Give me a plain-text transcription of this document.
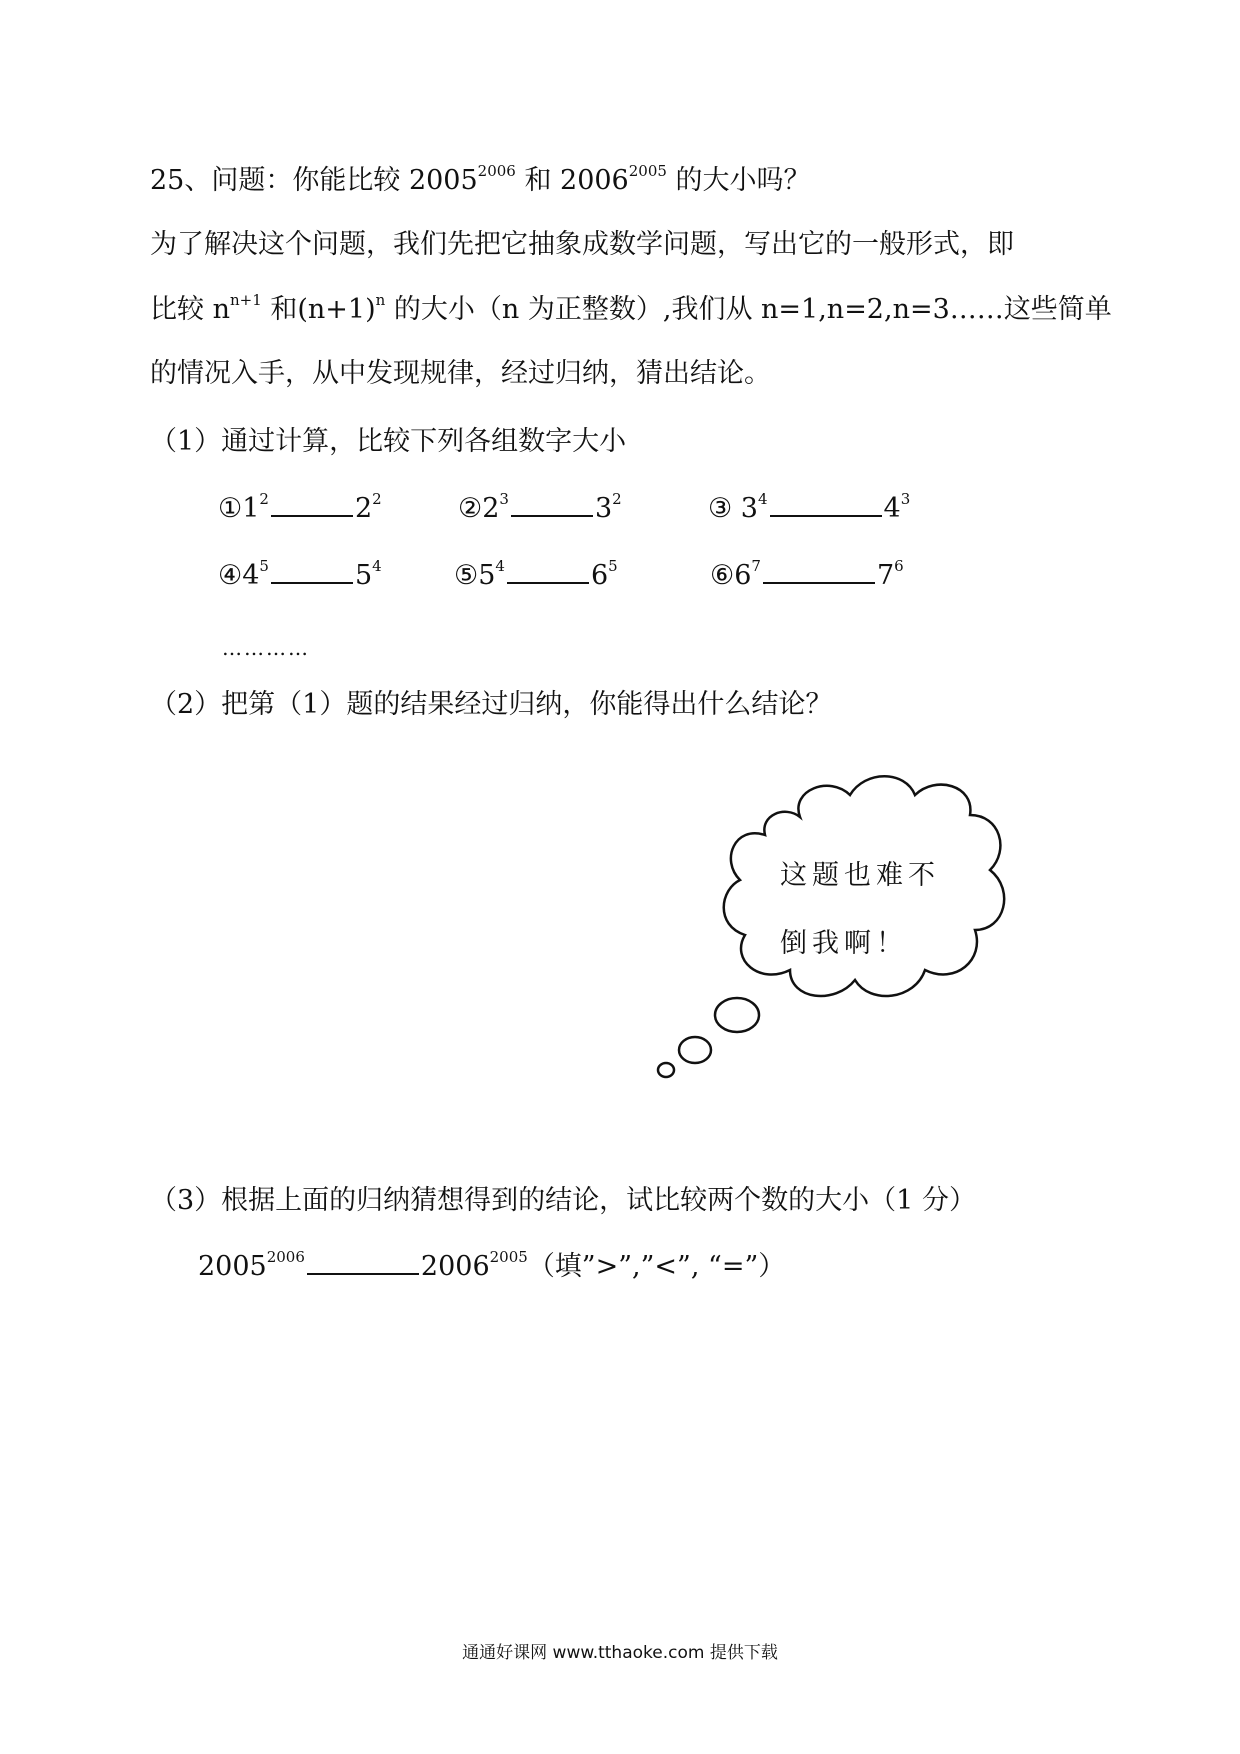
25、问题：你能比较 $2005^{2006}$ 和 $2006^{2005}$ 的大小吗？
为了解决这个问题，我们先把它抽象成数学问题，写出它的一般形式，即
比较 $n^{n+1}$ 和$(n+1)^n$ 的大小（n 为正整数）,我们从 n=1,n=2,n=3……这些简单
的情况入手，从中发现规律，经过归纳，猜出结论。
（1）通过计算，比较下列各组数字大小
$①1^2$	$2^2$	$②2^3$	$3^2$	③ $3^4$	$4^3$
$④4^5$	$5^4$	$⑤5^4$	$6^5$	$⑥6^7$	$7^6$
…………
（2）把第（1）题的结果经过归纳，你能得出什么结论？
这题也难不
倒我啊！
（3）根据上面的归纳猜想得到的结论，试比较两个数的大小（1 分）
$2005^{2006}$	$2006^{2005}$（填”>”,”<”, “=”）
通通好课网 www.tthaoke.com 提供下载
